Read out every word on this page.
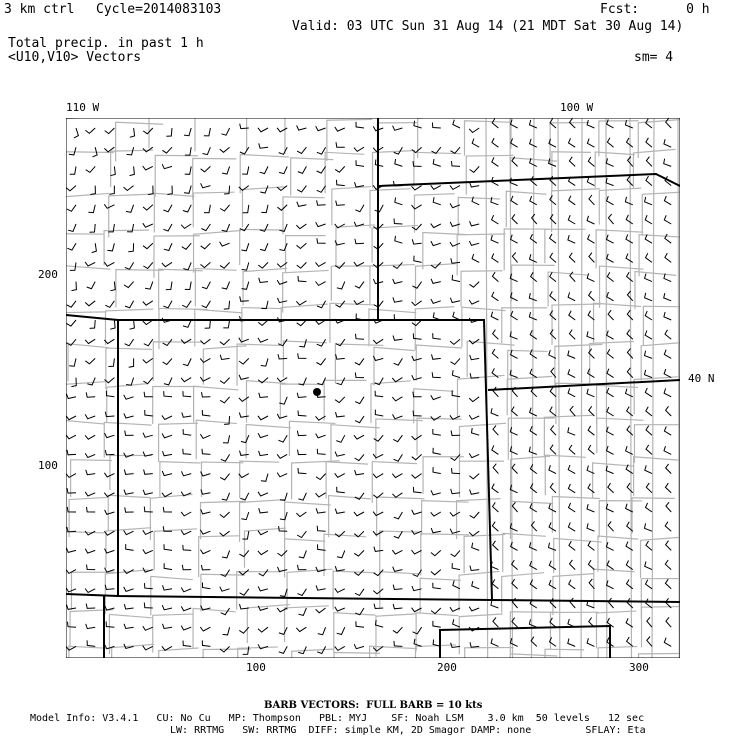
3 km ctrl Cycle=2014083103	Fcst:      0 h
Valid: 03 UTC Sun 31 Aug 14 (21 MDT Sat 30 Aug 14)
Total precip. in past 1 h
<U10,V10> Vectors	sm= 4
110 W	100 W
40 N
200
100
100	200	300
BARB VECTORS:  FULL BARB = 10 kts
Model Info: V3.4.1   CU: No Cu   MP: Thompson   PBL: MYJ    SF: Noah LSM    3.0 km  50 levels   12 sec
LW: RRTMG   SW: RRTMG  DIFF: simple KM, 2D Smagor DAMP: none         SFLAY: Eta
